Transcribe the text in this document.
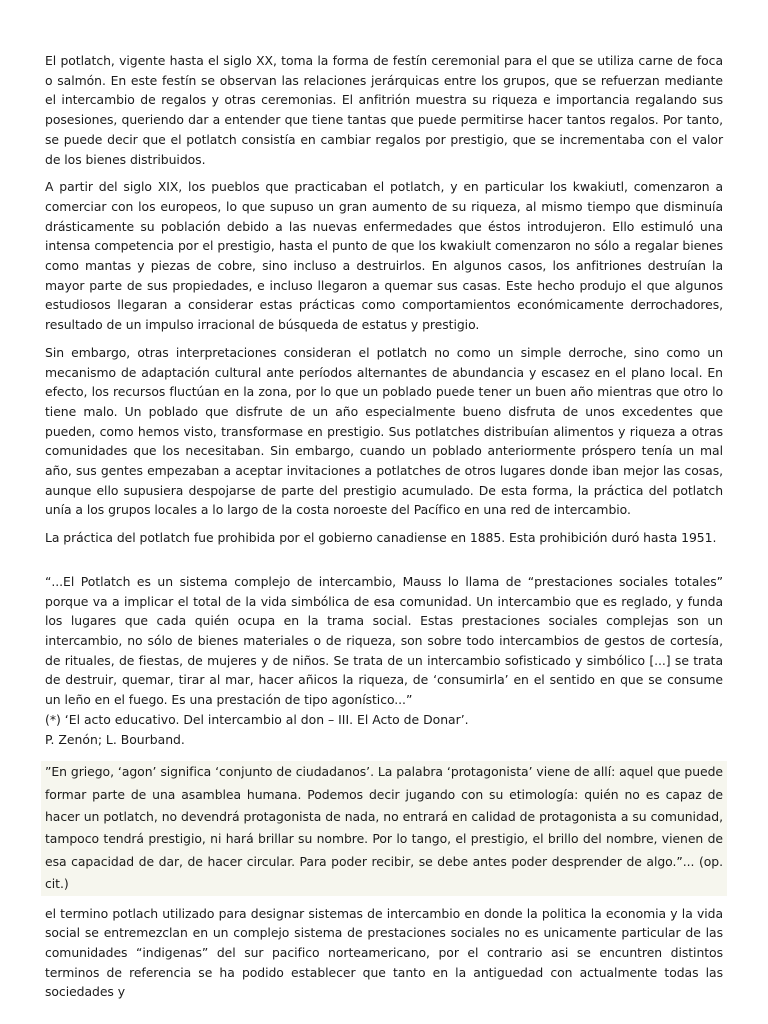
El potlatch, vigente hasta el siglo XX, toma la forma de festín ceremonial para el que se utiliza carne de foca o salmón. En este festín se observan las relaciones jerárquicas entre los grupos, que se refuerzan mediante el intercambio de regalos y otras ceremonias. El anfitrión muestra su riqueza e importancia regalando sus posesiones, queriendo dar a entender que tiene tantas que puede permitirse hacer tantos regalos. Por tanto, se puede decir que el potlatch consistía en cambiar regalos por prestigio, que se incrementaba con el valor de los bienes distribuidos.

A partir del siglo XIX, los pueblos que practicaban el potlatch, y en particular los kwakiutl, comenzaron a comerciar con los europeos, lo que supuso un gran aumento de su riqueza, al mismo tiempo que disminuía drásticamente su población debido a las nuevas enfermedades que éstos introdujeron. Ello estimuló una intensa competencia por el prestigio, hasta el punto de que los kwakiult comenzaron no sólo a regalar bienes como mantas y piezas de cobre, sino incluso a destruirlos. En algunos casos, los anfitriones destruían la mayor parte de sus propiedades, e incluso llegaron a quemar sus casas. Este hecho produjo el que algunos estudiosos llegaran a considerar estas prácticas como comportamientos económicamente derrochadores, resultado de un impulso irracional de búsqueda de estatus y prestigio.

Sin embargo, otras interpretaciones consideran el potlatch no como un simple derroche, sino como un mecanismo de adaptación cultural ante períodos alternantes de abundancia y escasez en el plano local. En efecto, los recursos fluctúan en la zona, por lo que un poblado puede tener un buen año mientras que otro lo tiene malo. Un poblado que disfrute de un año especialmente bueno disfruta de unos excedentes que pueden, como hemos visto, transformase en prestigio. Sus potlatches distribuían alimentos y riqueza a otras comunidades que los necesitaban. Sin embargo, cuando un poblado anteriormente próspero tenía un mal año, sus gentes empezaban a aceptar invitaciones a potlatches de otros lugares donde iban mejor las cosas, aunque ello supusiera despojarse de parte del prestigio acumulado. De esta forma, la práctica del potlatch unía a los grupos locales a lo largo de la costa noroeste del Pacífico en una red de intercambio.

La práctica del potlatch fue prohibida por el gobierno canadiense en 1885. Esta prohibición duró hasta 1951.

“...El Potlatch es un sistema complejo de intercambio, Mauss lo llama de “prestaciones sociales totales” porque va a implicar el total de la vida simbólica de esa comunidad. Un intercambio que es reglado, y funda los lugares que cada quién ocupa en la trama social. Estas prestaciones sociales complejas son un intercambio, no sólo de bienes materiales o de riqueza, son sobre todo intercambios de gestos de cortesía, de rituales, de fiestas, de mujeres y de niños. Se trata de un intercambio sofisticado y simbólico [...] se trata de destruir, quemar, tirar al mar, hacer añicos la riqueza, de ‘consumirla’ en el sentido en que se consume un leño en el fuego. Es una prestación de tipo agonístico...”

(*) ‘El acto educativo. Del intercambio al don – III. El Acto de Donar’.

P. Zenón; L. Bourband.

”En griego, ‘agon’ significa ‘conjunto de ciudadanos’. La palabra ‘protagonista’ viene de allí: aquel que puede formar parte de una asamblea humana. Podemos decir jugando con su etimología: quién no es capaz de hacer un potlatch, no devendrá protagonista de nada, no entrará en calidad de protagonista a su comunidad, tampoco tendrá prestigio, ni hará brillar su nombre. Por lo tango, el prestigio, el brillo del nombre, vienen de esa capacidad de dar, de hacer circular. Para poder recibir, se debe antes poder desprender de algo.”... (op. cit.)

el termino potlach utilizado para designar sistemas de intercambio en donde la politica la economia y la vida social se entremezclan en un complejo sistema de prestaciones sociales no es unicamente particular de las comunidades “indigenas” del sur pacifico norteamericano, por el contrario asi se encuntren distintos terminos de referencia se ha podido establecer que tanto en la antiguedad con actualmente todas las sociedades y
